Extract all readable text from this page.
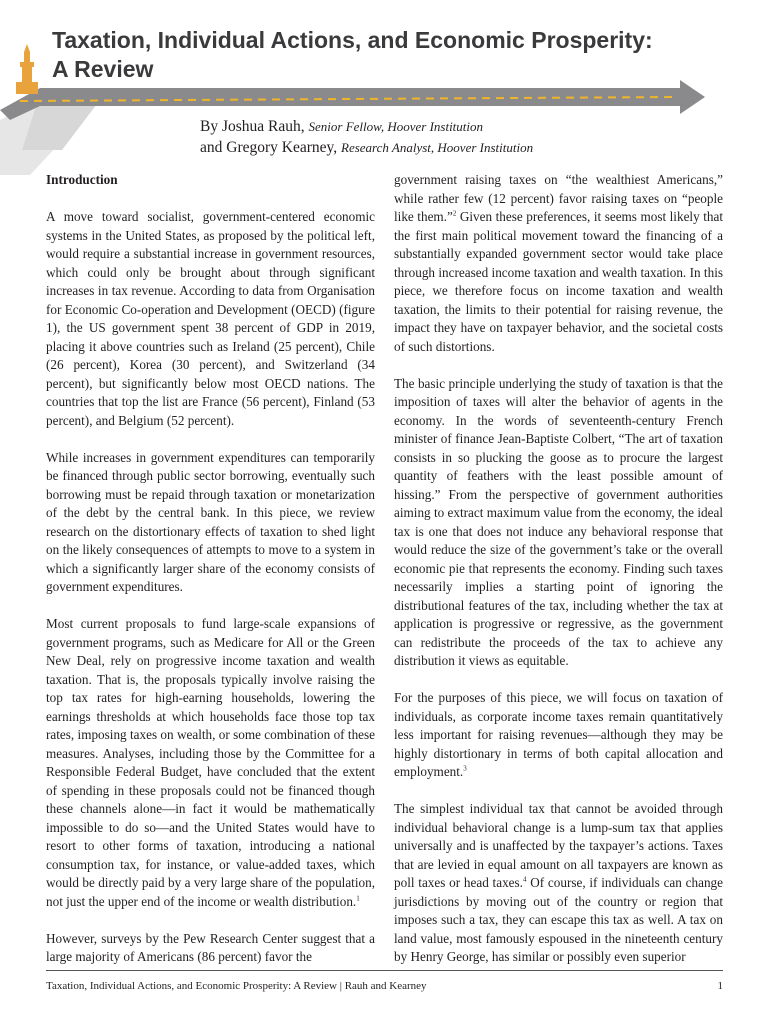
Taxation, Individual Actions, and Economic Prosperity:
A Review
By Joshua Rauh, Senior Fellow, Hoover Institution
and Gregory Kearney, Research Analyst, Hoover Institution
Introduction

A move toward socialist, government-centered economic systems in the United States, as proposed by the political left, would require a substantial increase in government resources, which could only be brought about through significant increases in tax revenue. According to data from Organisation for Economic Co-operation and Development (OECD) (figure 1), the US government spent 38 percent of GDP in 2019, placing it above countries such as Ireland (25 percent), Chile (26 percent), Korea (30 percent), and Switzerland (34 percent), but significantly below most OECD nations. The countries that top the list are France (56 percent), Finland (53 percent), and Belgium (52 percent).

While increases in government expenditures can temporarily be financed through public sector borrowing, eventually such borrowing must be repaid through taxation or monetarization of the debt by the central bank. In this piece, we review research on the distortionary effects of taxation to shed light on the likely consequences of attempts to move to a system in which a significantly larger share of the economy consists of government expenditures.

Most current proposals to fund large-scale expansions of government programs, such as Medicare for All or the Green New Deal, rely on progressive income taxation and wealth taxation. That is, the proposals typically involve raising the top tax rates for high-earning households, lowering the earnings thresholds at which households face those top tax rates, imposing taxes on wealth, or some combination of these measures. Analyses, including those by the Committee for a Responsible Federal Budget, have concluded that the extent of spending in these proposals could not be financed though these channels alone—in fact it would be mathematically impossible to do so—and the United States would have to resort to other forms of taxation, introducing a national consumption tax, for instance, or value-added taxes, which would be directly paid by a very large share of the population, not just the upper end of the income or wealth distribution.$^1$

However, surveys by the Pew Research Center suggest that a large majority of Americans (86 percent) favor the

government raising taxes on “the wealthiest Americans,” while rather few (12 percent) favor raising taxes on “people like them.”$^2$ Given these preferences, it seems most likely that the first main political movement toward the financing of a substantially expanded government sector would take place through increased income taxation and wealth taxation. In this piece, we therefore focus on income taxation and wealth taxation, the limits to their potential for raising revenue, the impact they have on taxpayer behavior, and the societal costs of such distortions.

The basic principle underlying the study of taxation is that the imposition of taxes will alter the behavior of agents in the economy. In the words of seventeenth-century French minister of finance Jean-Baptiste Colbert, “The art of taxation consists in so plucking the goose as to procure the largest quantity of feathers with the least possible amount of hissing.” From the perspective of government authorities aiming to extract maximum value from the economy, the ideal tax is one that does not induce any behavioral response that would reduce the size of the government’s take or the overall economic pie that represents the economy. Finding such taxes necessarily implies a starting point of ignoring the distributional features of the tax, including whether the tax at application is progressive or regressive, as the government can redistribute the proceeds of the tax to achieve any distribution it views as equitable.

For the purposes of this piece, we will focus on taxation of individuals, as corporate income taxes remain quantitatively less important for raising revenues—although they may be highly distortionary in terms of both capital allocation and employment.$^3$

The simplest individual tax that cannot be avoided through individual behavioral change is a lump-sum tax that applies universally and is unaffected by the taxpayer’s actions. Taxes that are levied in equal amount on all taxpayers are known as poll taxes or head taxes.$^4$ Of course, if individuals can change jurisdictions by moving out of the country or region that imposes such a tax, they can escape this tax as well. A tax on land value, most famously espoused in the nineteenth century by Henry George, has similar or possibly even superior

Taxation, Individual Actions, and Economic Prosperity: A Review | Rauh and Kearney	1
